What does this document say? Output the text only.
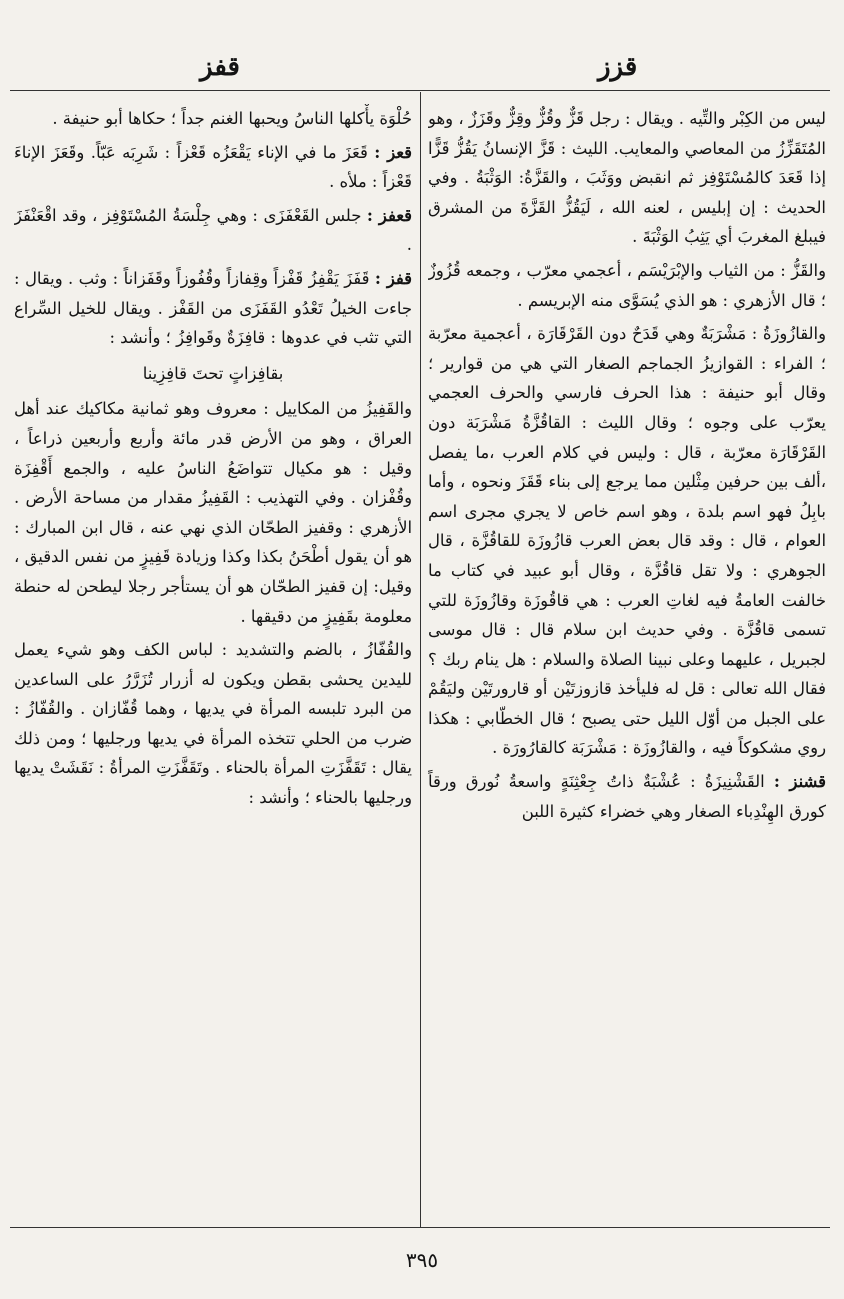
قفز	قزز

ليس من الكِبْر والتِّيه . ويقال : رجل قَزٌّ وقُزٌّ وقِزٌّ وقَزَزٌ ، وهو المُتَقَزِّزُ من المعاصي والمعايب. الليث : قَزَّ الإنسانُ يَقُزُّ قَزًّا إذا قَعَدَ كالمُسْتَوْفِز ثم انقبض ووَثَبَ ، والقَزَّةُ: الوَثْبَةُ . وفي الحديث : إن إبليس ، لعنه الله ، لَيَقُزُّ القَزَّةَ من المشرق فيبلغ المغربَ أي يَثِبُ الوَثْبَةَ .

والقَزُّ : من الثياب والإبْرَيْسَم ، أعجمي معرّب ، وجمعه قُزُوزٌ ؛ قال الأزهري : هو الذي يُسَوَّى منه الإبريسم .

والقازُوزَةُ : مَشْرَبَةٌ وهي قَدَحٌ دون القَرْقَارَة ، أعجمية معرّبة ؛ الفراء : القوازيزُ الجماجم الصغار التي هي من قوارير ؛ وقال أبو حنيفة : هذا الحرف فارسي والحرف العجمي يعرّب على وجوه ؛ وقال الليث : القاقُزَّةُ مَشْرَبَة دون القَرْقَارَة معرّبة ، قال : وليس في كلام العرب ،ما يفصل ،ألف بين حرفين مِثْلين مما يرجع إلى بناء قَقَزَ ونحوه ، وأما بابِلُ فهو اسم بلدة ، وهو اسم خاص لا يجري مجرى اسم العوام ، قال : وقد قال بعض العرب قازُوزَة للقاقُزَّة ، قال الجوهري : ولا تقل قاقُزَّة ، وقال أبو عبيد في كتاب ما خالفت العامةُ فيه لغاتِ العرب : هي قاقُوزَة وقازُوزَة للتي تسمى قاقُزَّة . وفي حديث ابن سلام قال : قال موسى لجبريل ، عليهما وعلى نبينا الصلاة والسلام : هل ينام ربك ؟ فقال الله تعالى : قل له فليأخذ قازوزتَيْن أو قارورتَيْن وليَقُمْ على الجبل من أوّل الليل حتى يصبح ؛ قال الخطّابي : هكذا روي مشكوكاً فيه ، والقازُوزَة : مَشْرَبَة كالقارُورَة .

قشنز : القَشْنِيزَةُ : عُشْبَةٌ ذاتُ جِعْثِنَةٍ واسعةُ نُورق ورقاً كورق الهِنْدِباء الصغار وهي خضراء كثيرة اللبن

حُلْوَة يأْكلها الناسُ ويحبها الغنم جداً ؛ حكاها أبو حنيفة .

قعز : قَعَزَ ما في الإناء يَقْعَزُه قَعْزاً : شَرِبَه عَبّاً. وقَعَزَ الإناءَ قَعْزاً : ملأه .

قعفز : جلس القَعْفَزَى : وهي جِلْسَةُ المُسْتَوْفِز ، وقد اقْعَنْفَزَ .

قفز : قَفَزَ يَقْفِزُ قَفْزاً وقِفازاً وقُفُوزاً وقَفَزاناً : وثب . ويقال : جاءت الخيلُ تَعْدُو القَفَزَى من القَفْز . ويقال للخيل السِّراع التي تثب في عدوها : قافِزَةٌ وقَوافِزُ ؛ وأنشد :

بقافِزاتٍ تحتَ قافِزِينا

والقَفِيزُ من المكاييل : معروف وهو ثمانية مكاكيك عند أهل العراق ، وهو من الأرض قدر مائة وأربع وأربعين ذراعاً ، وقيل : هو مكيال تتواضَعُ الناسُ عليه ، والجمع أَقْفِزَة وقُفْزان . وفي التهذيب : القَفِيزُ مقدار من مساحة الأرض . الأزهري : وقفيز الطحّان الذي نهي عنه ، قال ابن المبارك : هو أن يقول أطْحَنُ بكذا وكذا وزيادة قَفِيزٍ من نفس الدقيق ، وقيل: إن قفيز الطحّان هو أن يستأجر رجلا ليطحن له حنطة معلومة بقَفِيزٍ من دقيقها .

والقُفّازُ ، بالضم والتشديد : لباس الكف وهو شيء يعمل لليدين يحشى بقطن ويكون له أزرار تُزَرَّرُ على الساعدين من البرد تلبسه المرأة في يديها ، وهما قُفّازان . والقُفّازُ : ضرب من الحلي تتخذه المرأة في يديها ورجليها ؛ ومن ذلك يقال : تَقَفَّزَتِ المرأة بالحناء . وتَقَفَّزَتِ المرأةُ : نَقَشَتْ يديها ورجليها بالحناء ؛ وأنشد :

٣٩٥
